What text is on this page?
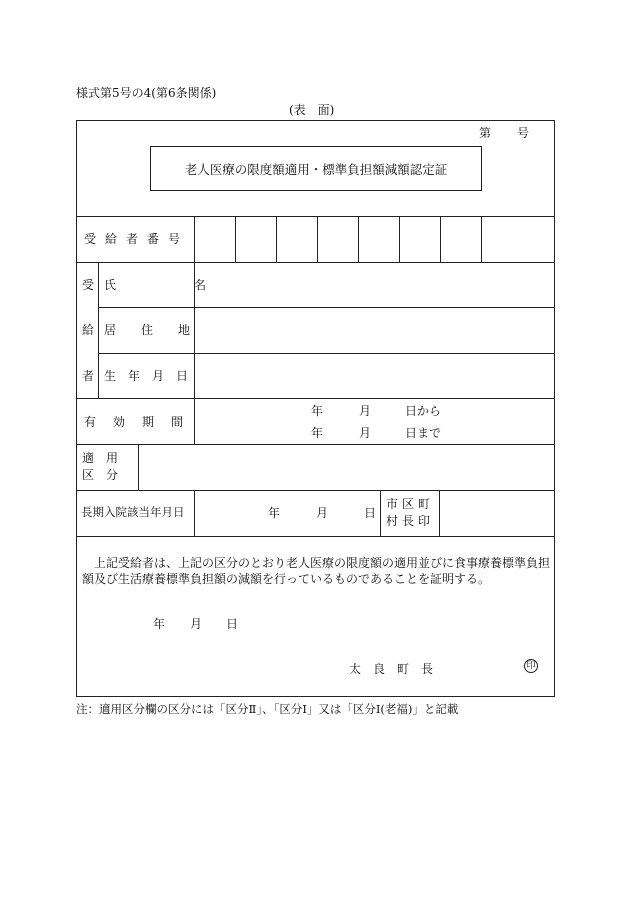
様式第5号の4(第6条関係)
(表　面)
第 号
老人医療の限度額適用・標準負担額減額認定証
受給者番号
受
給
者
氏　　名
居住地
生年月日
有効期間
年	月	日から
年	月	日まで
適　用
区　分
長期入院該当年月日	年	月	日
市区町
村長印
上記受給者は、上記の区分のとおり老人医療の限度額の適用並びに食事療養標準負担
額及び生活療養標準負担額の減額を行っているものであることを証明する。
年 月 日
太　良　町　長	印
注：適用区分欄の区分には「区分Ⅱ」、「区分Ⅰ」又は「区分Ⅰ(老福)」と記載
